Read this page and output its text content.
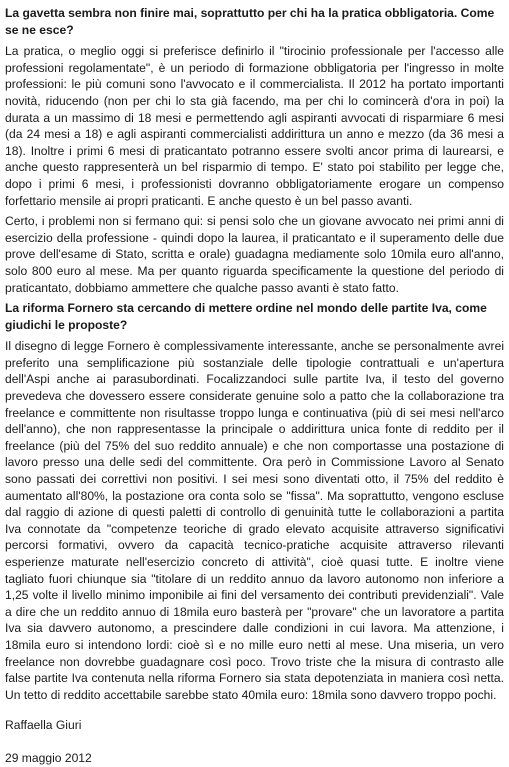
La gavetta sembra non finire mai, soprattutto per chi ha la pratica obbligatoria. Come se ne esce?

La pratica, o meglio oggi si preferisce definirlo il "tirocinio professionale per l'accesso alle professioni regolamentate", è un periodo di formazione obbligatoria per l'ingresso in molte professioni: le più comuni sono l'avvocato e il commercialista. Il 2012 ha portato importanti novità, riducendo (non per chi lo sta già facendo, ma per chi lo comincerà d'ora in poi) la durata a un massimo di 18 mesi e permettendo agli aspiranti avvocati di risparmiare 6 mesi (da 24 mesi a 18) e agli aspiranti commercialisti addirittura un anno e mezzo (da 36 mesi a 18). Inoltre i primi 6 mesi di praticantato potranno essere svolti ancor prima di laurearsi, e anche questo rappresenterà un bel risparmio di tempo. E' stato poi stabilito per legge che, dopo i primi 6 mesi, i professionisti dovranno obbligatoriamente erogare un compenso forfettario mensile ai propri praticanti. E anche questo è un bel passo avanti.

Certo, i problemi non si fermano qui: si pensi solo che un giovane avvocato nei primi anni di esercizio della professione - quindi dopo la laurea, il praticantato e il superamento delle due prove dell'esame di Stato, scritta e orale) guadagna mediamente solo 10mila euro all'anno, solo 800 euro al mese. Ma per quanto riguarda specificamente la questione del periodo di praticantato, dobbiamo ammettere che qualche passo avanti è stato fatto.

La riforma Fornero sta cercando di mettere ordine nel mondo delle partite Iva, come giudichi le proposte?

Il disegno di legge Fornero è complessivamente interessante, anche se personalmente avrei preferito una semplificazione più sostanziale delle tipologie contrattuali e un'apertura dell'Aspi anche ai parasubordinati. Focalizzandoci sulle partite Iva, il testo del governo prevedeva che dovessero essere considerate genuine solo a patto che la collaborazione tra freelance e committente non risultasse troppo lunga e continuativa (più di sei mesi nell'arco dell'anno), che non rappresentasse la principale o addirittura unica fonte di reddito per il freelance (più del 75% del suo reddito annuale) e che non comportasse una postazione di lavoro presso una delle sedi del committente. Ora però in Commissione Lavoro al Senato sono passati dei correttivi non positivi. I sei mesi sono diventati otto, il 75% del reddito è aumentato all'80%, la postazione ora conta solo se "fissa". Ma soprattutto, vengono escluse dal raggio di azione di questi paletti di controllo di genuinità tutte le collaborazioni a partita Iva connotate da "competenze teoriche di grado elevato acquisite attraverso significativi percorsi formativi, ovvero da capacità tecnico-pratiche acquisite attraverso rilevanti esperienze maturate nell'esercizio concreto di attività", cioè quasi tutte. E inoltre viene tagliato fuori chiunque sia "titolare di un reddito annuo da lavoro autonomo non inferiore a 1,25 volte il livello minimo imponibile ai fini del versamento dei contributi previdenziali". Vale a dire che un reddito annuo di 18mila euro basterà per "provare" che un lavoratore a partita Iva sia davvero autonomo, a prescindere dalle condizioni in cui lavora. Ma attenzione, i 18mila euro si intendono lordi: cioè sì e no mille euro netti al mese. Una miseria, un vero freelance non dovrebbe guadagnare così poco. Trovo triste che la misura di contrasto alle false partite Iva contenuta nella riforma Fornero sia stata depotenziata in maniera così netta. Un tetto di reddito accettabile sarebbe stato 40mila euro: 18mila sono davvero troppo pochi.

Raffaella Giuri

29 maggio 2012
